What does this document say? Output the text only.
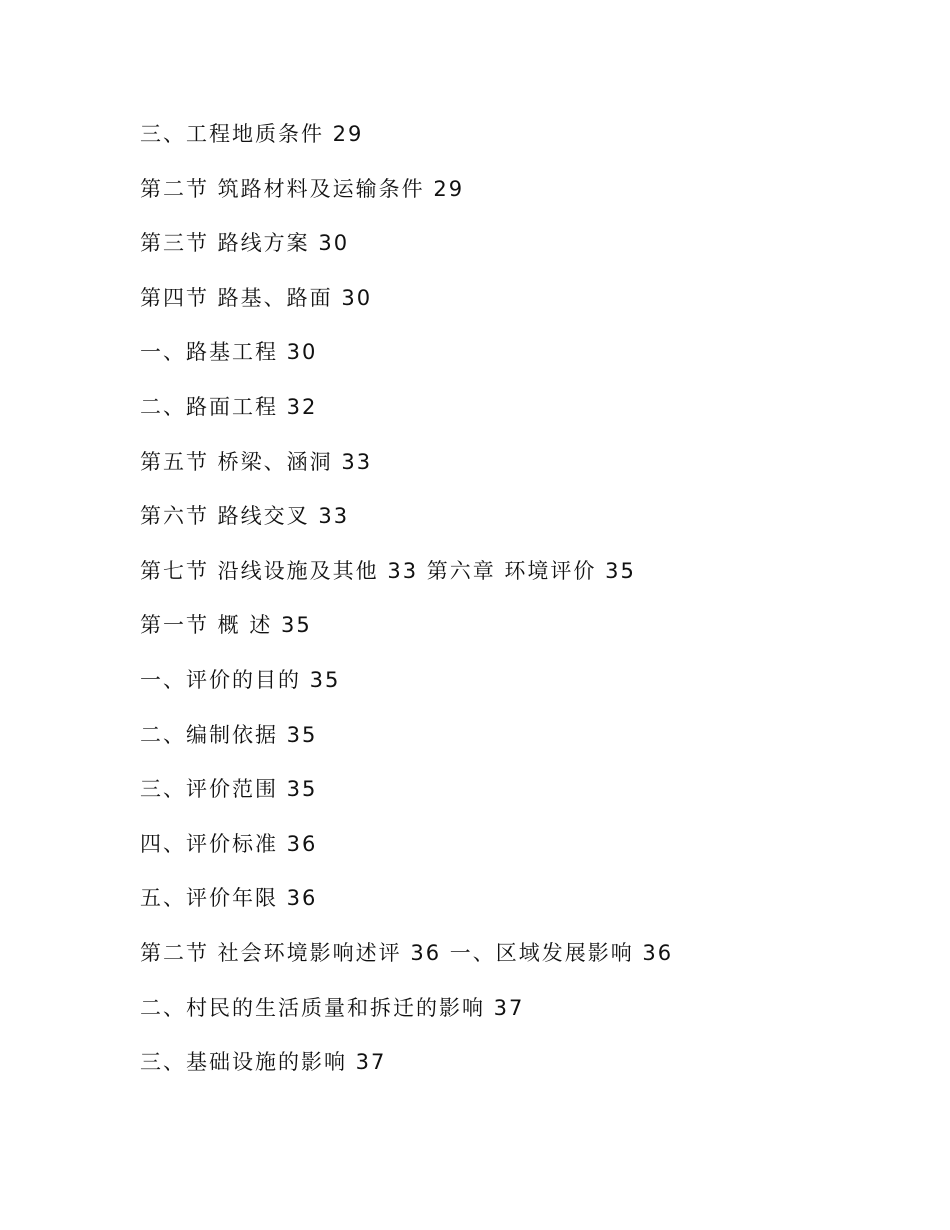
三、工程地质条件 29
第二节 筑路材料及运输条件 29
第三节 路线方案 30
第四节 路基、路面 30
一、路基工程 30
二、路面工程 32
第五节 桥梁、涵洞 33
第六节 路线交叉 33
第七节 沿线设施及其他 33 第六章 环境评价 35
第一节 概 述 35
一、评价的目的 35
二、编制依据 35
三、评价范围 35
四、评价标准 36
五、评价年限 36
第二节 社会环境影响述评 36 一、区域发展影响 36
二、村民的生活质量和拆迁的影响 37
三、基础设施的影响 37
